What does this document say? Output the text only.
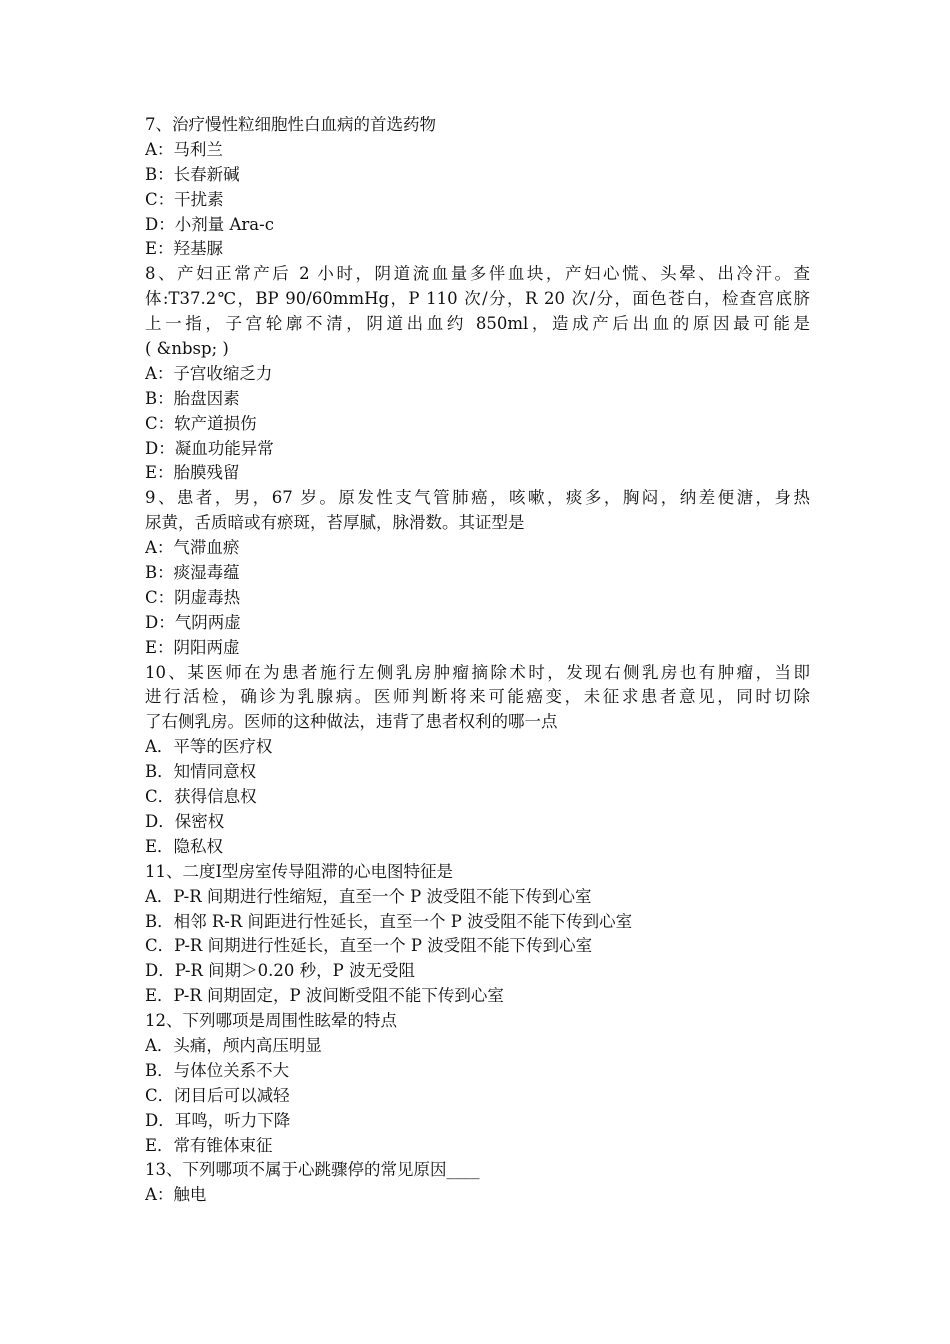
7、治疗慢性粒细胞性白血病的首选药物
A：马利兰
B：长春新碱
C：干扰素
D：小剂量 Ara-c
E：羟基脲
8、产妇正常产后 2 小时，阴道流血量多伴血块，产妇心慌、头晕、出冷汗。查
体:T37.2℃，BP 90/60mmHg，P 110 次/分，R 20 次/分，面色苍白，检查宫底脐
上一指，子宫轮廓不清，阴道出血约 850ml，造成产后出血的原因最可能是
( &nbsp; )
A：子宫收缩乏力
B：胎盘因素
C：软产道损伤
D：凝血功能异常
E：胎膜残留
9、患者，男，67 岁。原发性支气管肺癌，咳嗽，痰多，胸闷，纳差便溏，身热
尿黄，舌质暗或有瘀斑，苔厚腻，脉滑数。其证型是
A：气滞血瘀
B：痰湿毒蕴
C：阴虚毒热
D：气阴两虚
E：阴阳两虚
10、某医师在为患者施行左侧乳房肿瘤摘除术时，发现右侧乳房也有肿瘤，当即
进行活检，确诊为乳腺病。医师判断将来可能癌变，未征求患者意见，同时切除
了右侧乳房。医师的这种做法，违背了患者权利的哪一点
A．平等的医疗权
B．知情同意权
C．获得信息权
D．保密权
E．隐私权
11、二度Ⅰ型房室传导阻滞的心电图特征是
A．P-R 间期进行性缩短，直至一个 P 波受阻不能下传到心室
B．相邻 R-R 间距进行性延长，直至一个 P 波受阻不能下传到心室
C．P-R 间期进行性延长，直至一个 P 波受阻不能下传到心室
D．P-R 间期＞0.20 秒，P 波无受阻
E．P-R 间期固定，P 波间断受阻不能下传到心室
12、下列哪项是周围性眩晕的特点
A．头痛，颅内高压明显
B．与体位关系不大
C．闭目后可以减轻
D．耳鸣，听力下降
E．常有锥体束征
13、下列哪项不属于心跳骤停的常见原因____
A：触电
